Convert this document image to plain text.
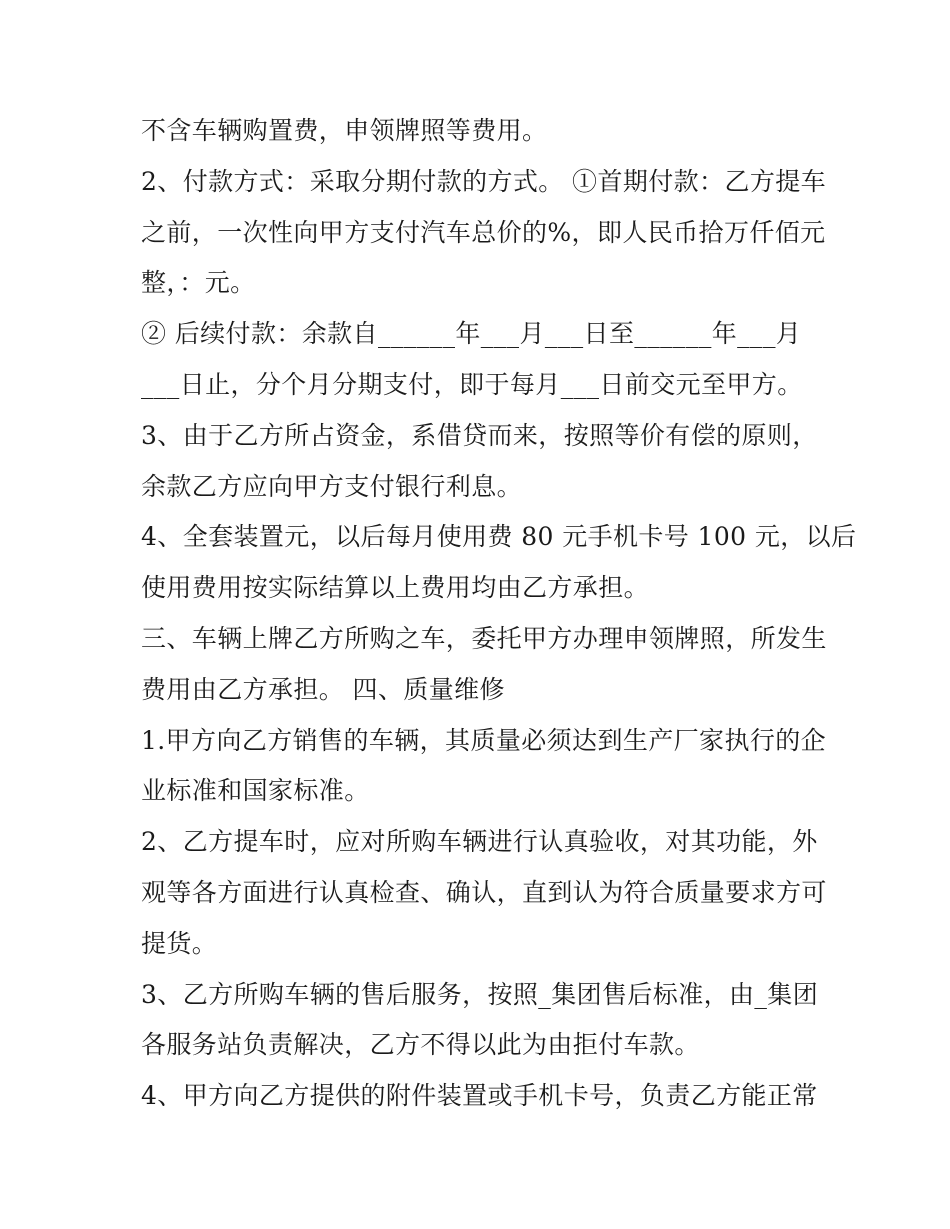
不含车辆购置费，申领牌照等费用。
2、付款方式：采取分期付款的方式。 ①首期付款：乙方提车
之前，一次性向甲方支付汽车总价的%，即人民币拾万仟佰元
整，：元。
② 后续付款：余款自______年___月___日至______年___月
___日止，分个月分期支付，即于每月___日前交元至甲方。
3、由于乙方所占资金，系借贷而来，按照等价有偿的原则，
余款乙方应向甲方支付银行利息。
4、全套装置元，以后每月使用费 80 元手机卡号 100 元，以后
使用费用按实际结算以上费用均由乙方承担。
三、车辆上牌乙方所购之车，委托甲方办理申领牌照，所发生
费用由乙方承担。 四、质量维修
1.甲方向乙方销售的车辆，其质量必须达到生产厂家执行的企
业标准和国家标准。
2、乙方提车时，应对所购车辆进行认真验收，对其功能，外
观等各方面进行认真检查、确认，直到认为符合质量要求方可
提货。
3、乙方所购车辆的售后服务，按照_集团售后标准，由_集团
各服务站负责解决，乙方不得以此为由拒付车款。
4、甲方向乙方提供的附件装置或手机卡号，负责乙方能正常
